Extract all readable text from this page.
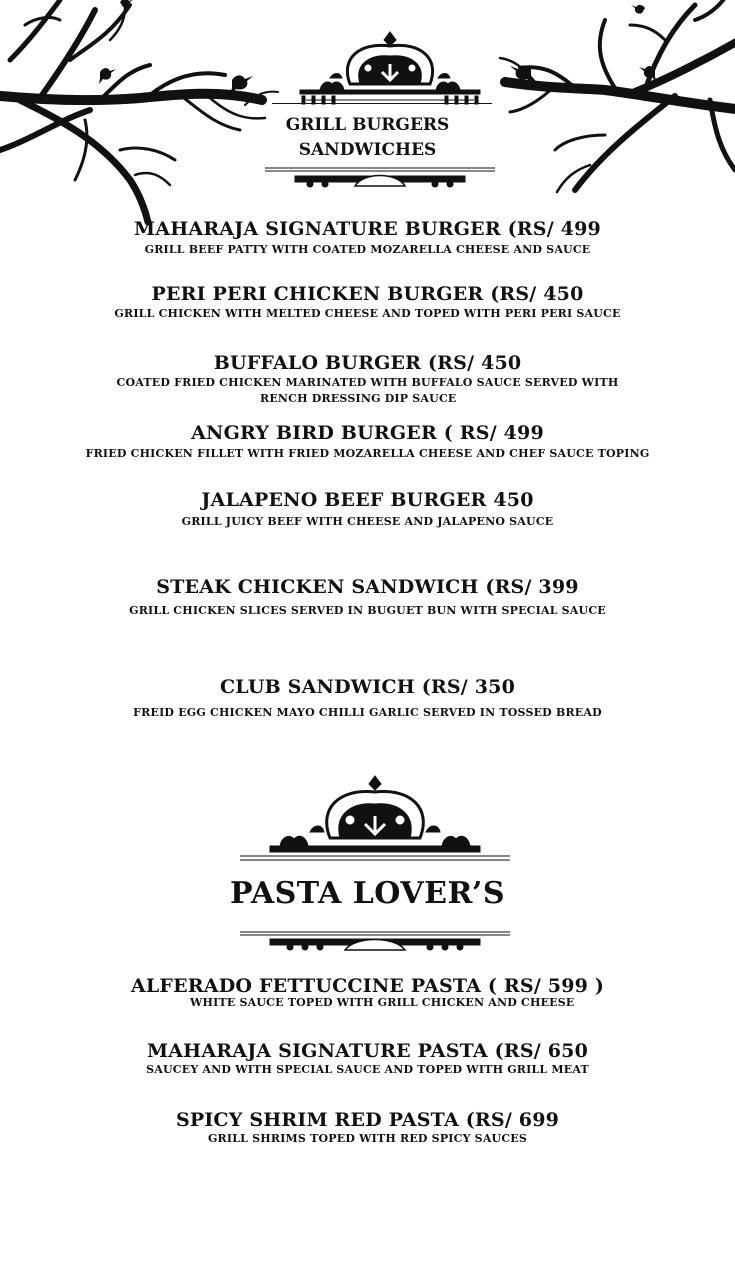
GRILL BURGERS
SANDWICHES
MAHARAJA SIGNATURE BURGER (RS/ 499
GRILL BEEF PATTY WITH COATED MOZARELLA CHEESE AND SAUCE
PERI PERI CHICKEN BURGER (RS/ 450
GRILL CHICKEN WITH MELTED CHEESE AND TOPED WITH PERI PERI SAUCE
BUFFALO BURGER (RS/ 450
COATED FRIED CHICKEN MARINATED WITH BUFFALO SAUCE SERVED WITH
RENCH DRESSING DIP SAUCE
ANGRY BIRD BURGER ( RS/ 499
FRIED CHICKEN FILLET WITH FRIED MOZARELLA CHEESE AND CHEF SAUCE TOPING
JALAPENO BEEF BURGER 450
GRILL JUICY BEEF WITH CHEESE AND JALAPENO SAUCE
STEAK CHICKEN SANDWICH (RS/ 399
GRILL CHICKEN SLICES SERVED IN BUGUET BUN WITH SPECIAL SAUCE
CLUB SANDWICH (RS/ 350
FREID EGG CHICKEN MAYO CHILLI GARLIC SERVED IN TOSSED BREAD
PASTA LOVER’S
ALFERADO FETTUCCINE PASTA ( RS/ 599 )
WHITE SAUCE TOPED WITH GRILL CHICKEN AND CHEESE
MAHARAJA SIGNATURE PASTA (RS/ 650
SAUCEY AND WITH SPECIAL SAUCE AND TOPED WITH GRILL MEAT
SPICY SHRIM RED PASTA (RS/ 699
GRILL SHRIMS TOPED WITH RED SPICY SAUCES
